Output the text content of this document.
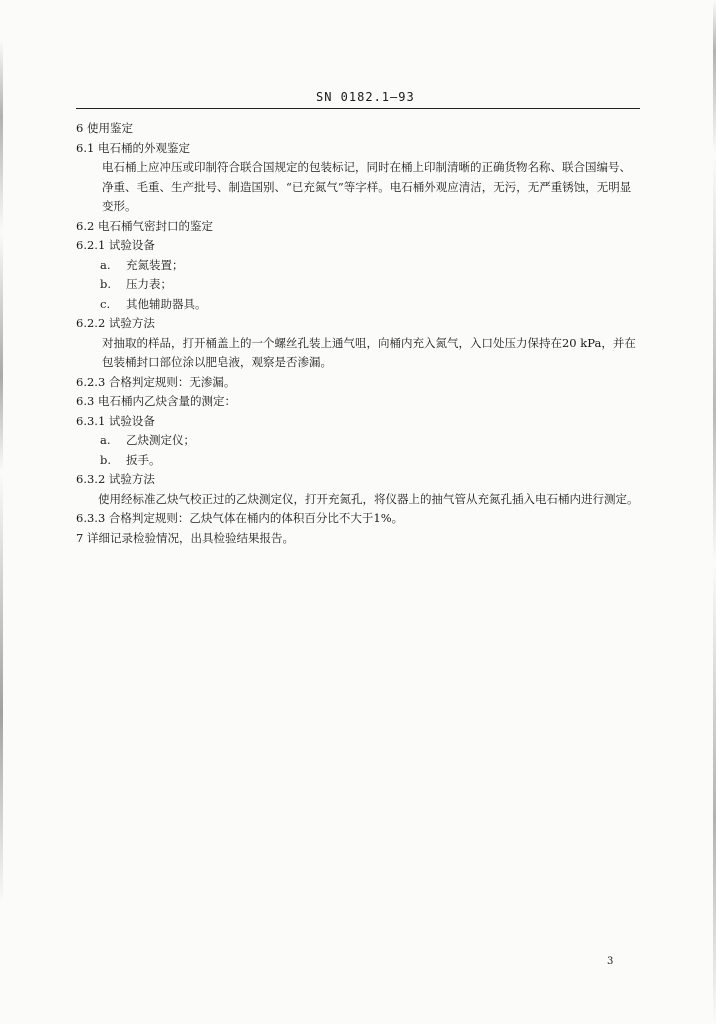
SN 0182.1—93
6 使用鉴定
6.1 电石桶的外观鉴定
电石桶上应冲压或印制符合联合国规定的包装标记，同时在桶上印制清晰的正确货物名称、联合国编号、净重、毛重、生产批号、制造国别、“已充氮气”等字样。电石桶外观应清洁，无污，无严重锈蚀，无明显变形。
6.2 电石桶气密封口的鉴定
6.2.1 试验设备
a. 充氮装置；
b. 压力表；
c. 其他辅助器具。
6.2.2 试验方法
对抽取的样品，打开桶盖上的一个螺丝孔装上通气咀，向桶内充入氮气，入口处压力保持在20 kPa，并在包装桶封口部位涂以肥皂液，观察是否渗漏。
6.2.3 合格判定规则：无渗漏。
6.3 电石桶内乙炔含量的测定：
6.3.1 试验设备
a. 乙炔测定仪；
b. 扳手。
6.3.2 试验方法
使用经标准乙炔气校正过的乙炔测定仪，打开充氮孔，将仪器上的抽气管从充氮孔插入电石桶内进行测定。
6.3.3 合格判定规则：乙炔气体在桶内的体积百分比不大于1%。
7 详细记录检验情况，出具检验结果报告。
3
